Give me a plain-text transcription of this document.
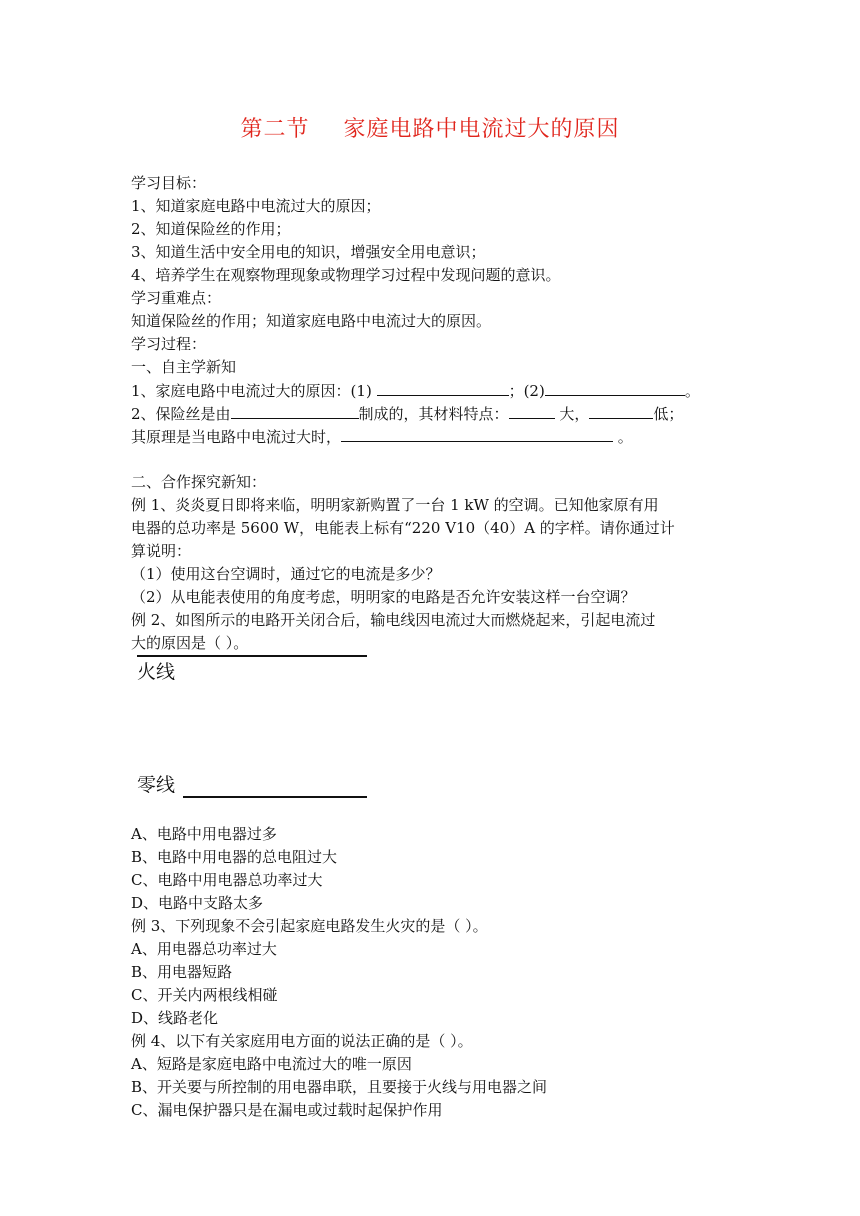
第二节 家庭电路中电流过大的原因
学习目标：
1、知道家庭电路中电流过大的原因；
2、知道保险丝的作用；
3、知道生活中安全用电的知识，增强安全用电意识；
4、培养学生在观察物理现象或物理学习过程中发现问题的意识。
学习重难点：
知道保险丝的作用；知道家庭电路中电流过大的原因。
学习过程：
一、自主学新知
1、家庭电路中电流过大的原因：(1)	；(2)	。
2、保险丝是由	制成的，其材料特点：	大，	低；
其原理是当电路中电流过大时，	。
二、合作探究新知：
例 1、炎炎夏日即将来临，明明家新购置了一台 1 kW 的空调。已知他家原有用
电器的总功率是 5600 W，电能表上标有“220 V10（40）A 的字样。请你通过计
算说明：
（1）使用这台空调时，通过它的电流是多少？
（2）从电能表使用的角度考虑，明明家的电路是否允许安装这样一台空调？
例 2、如图所示的电路开关闭合后，输电线因电流过大而燃烧起来，引起电流过
大的原因是（ ）。
A、电路中用电器过多
B、电路中用电器的总电阻过大
C、电路中用电器总功率过大
D、电路中支路太多
例 3、下列现象不会引起家庭电路发生火灾的是（ ）。
A、用电器总功率过大
B、用电器短路
C、开关内两根线相碰
D、线路老化
例 4、以下有关家庭用电方面的说法正确的是（ ）。
A、短路是家庭电路中电流过大的唯一原因
B、开关要与所控制的用电器串联，且要接于火线与用电器之间
C、漏电保护器只是在漏电或过载时起保护作用
火线
零线
